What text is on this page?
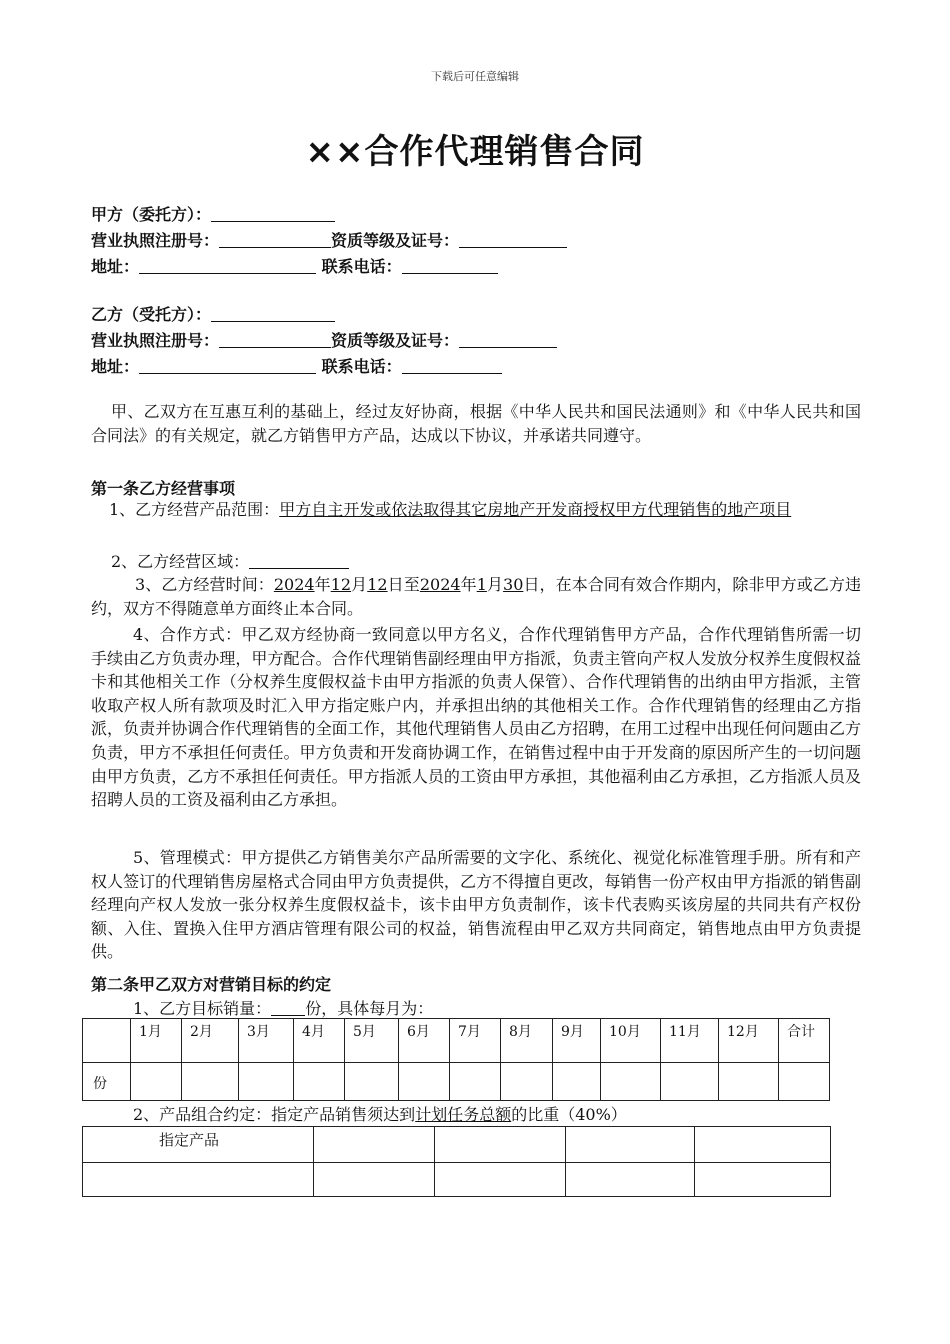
下载后可任意编辑
××合作代理销售合同
甲方（委托方）：
营业执照注册号：	资质等级及证号：
地址：	联系电话：
乙方（受托方）：
营业执照注册号：	资质等级及证号：
地址：	联系电话：
甲、乙双方在互惠互利的基础上，经过友好协商，根据《中华人民共和国民法通则》和《中华人民共和国合同法》的有关规定，就乙方销售甲方产品，达成以下协议，并承诺共同遵守。
第一条乙方经营事项
1、乙方经营产品范围：甲方自主开发或依法取得其它房地产开发商授权甲方代理销售的地产项目
2、乙方经营区域：
3、乙方经营时间：2024年12月12日至2024年1月30日，在本合同有效合作期内，除非甲方或乙方违约，双方不得随意单方面终止本合同。
4、合作方式：甲乙双方经协商一致同意以甲方名义，合作代理销售甲方产品，合作代理销售所需一切手续由乙方负责办理，甲方配合。合作代理销售副经理由甲方指派，负责主管向产权人发放分权养生度假权益卡和其他相关工作（分权养生度假权益卡由甲方指派的负责人保管）、合作代理销售的出纳由甲方指派，主管收取产权人所有款项及时汇入甲方指定账户内，并承担出纳的其他相关工作。合作代理销售的经理由乙方指派，负责并协调合作代理销售的全面工作，其他代理销售人员由乙方招聘，在用工过程中出现任何问题由乙方负责，甲方不承担任何责任。甲方负责和开发商协调工作，在销售过程中由于开发商的原因所产生的一切问题由甲方负责，乙方不承担任何责任。甲方指派人员的工资由甲方承担，其他福利由乙方承担，乙方指派人员及招聘人员的工资及福利由乙方承担。
5、管理模式：甲方提供乙方销售美尔产品所需要的文字化、系统化、视觉化标准管理手册。所有和产权人签订的代理销售房屋格式合同由甲方负责提供，乙方不得擅自更改，每销售一份产权由甲方指派的销售副经理向产权人发放一张分权养生度假权益卡，该卡由甲方负责制作，该卡代表购买该房屋的共同共有产权份额、入住、置换入住甲方酒店管理有限公司的权益，销售流程由甲乙双方共同商定，销售地点由甲方负责提供。
第二条甲乙双方对营销目标的约定
1、乙方目标销量： 份，具体每月为：

	1月	2月	3月	4月	5月	6月	7月	8月	9月	10月	11月	12月	合计

份													

2、产品组合约定：指定产品销售须达到计划任务总额的比重（40%）
指定产品				
